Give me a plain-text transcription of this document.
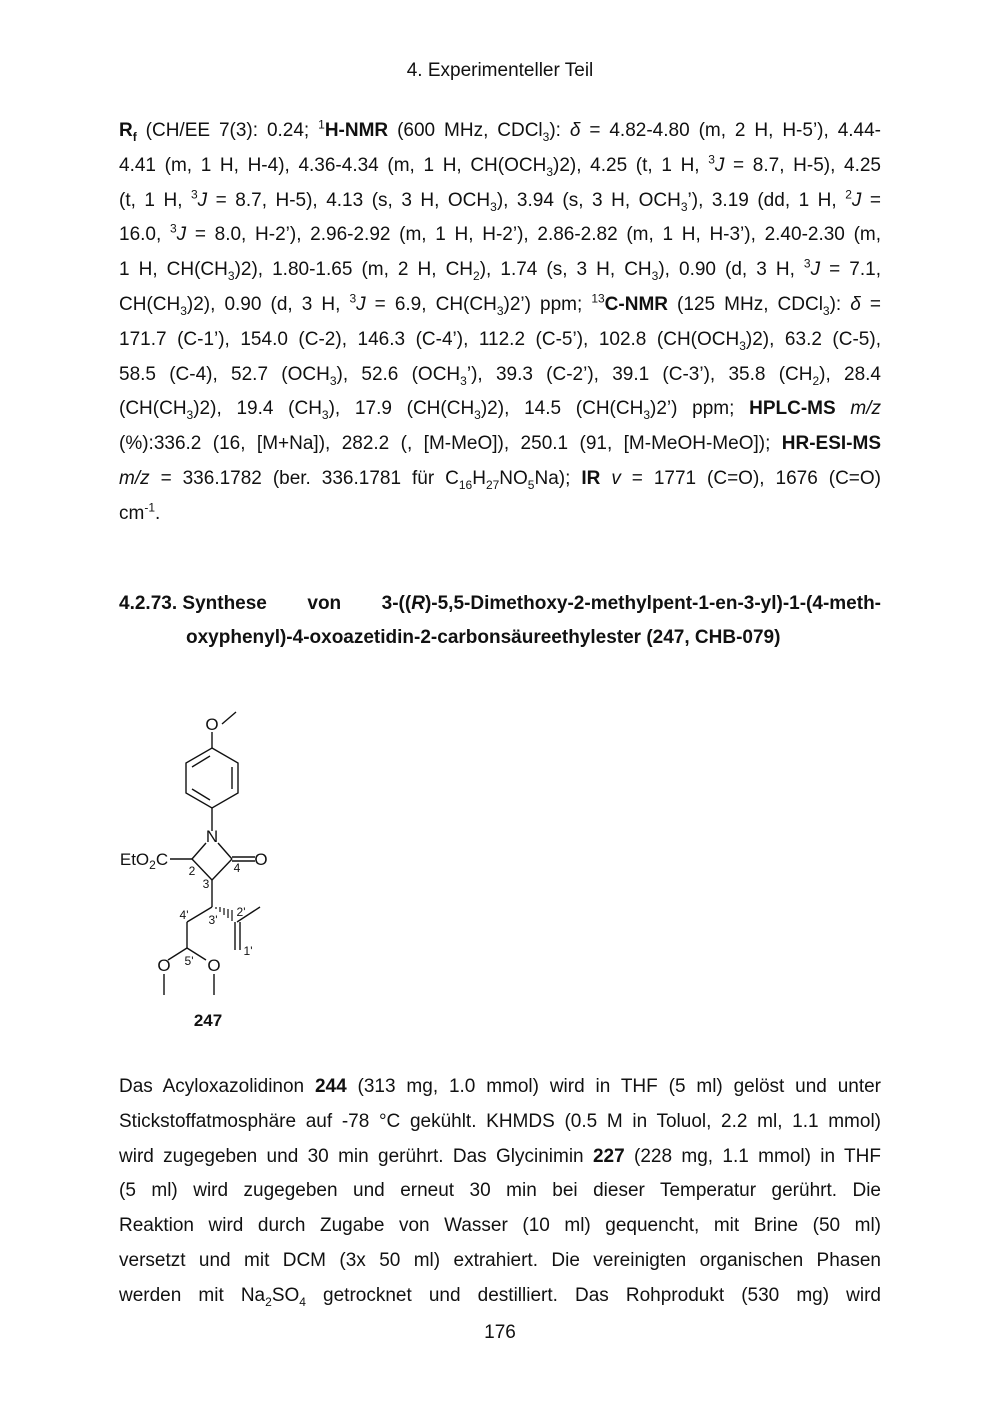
4. Experimenteller Teil
$R_f$ (CH/EE 7(3): 0.24; $^1$H-NMR (600 MHz, CDCl$_3$): δ = 4.82-4.80 (m, 2 H, H-5’), 4.44-
4.41 (m, 1 H, H-4), 4.36-4.34 (m, 1 H, $CH(OCH_3)2$), 4.25 (t, 1 H, $^3$J = 8.7, H-5), 4.25
(t, 1 H, $^3$J = 8.7, H-5), 4.13 (s, 3 H, $OCH_3$), 3.94 (s, 3 H, $OCH_3$’), 3.19 (dd, 1 H, $^2$J =
16.0, $^3$J = 8.0, H-2’), 2.96-2.92 (m, 1 H, H-2’), 2.86-2.82 (m, 1 H, H-3’), 2.40-2.30 (m,
1 H, $CH(CH_3)2$), 1.80-1.65 (m, 2 H, $CH_2$), 1.74 (s, 3 H, $CH_3$), 0.90 (d, 3 H, $^3$J = 7.1,
$CH(CH_3)2$), 0.90 (d, 3 H, $^3$J = 6.9, $CH(CH_3)2$’) ppm; $^{13}$C-NMR (125 MHz, CDCl$_3$): δ =
171.7 (C-1’), 154.0 (C-2), 146.3 (C-4’), 112.2 (C-5’), 102.8 $(CH(OCH_3)2)$, 63.2 (C-5),
58.5 (C-4), 52.7 $(OCH_3)$, 52.6 $(OCH_3’)$, 39.3 (C-2’), 39.1 (C-3’), 35.8 $(CH_2)$, 28.4
$(CH(CH_3)2)$, 19.4 $(CH_3)$, 17.9 $(CH(CH_3)2)$, 14.5 $(CH(CH_3)2’)$ ppm; HPLC-MS m/z
(%):336.2 (16, [M+Na]), 282.2 (, [M-MeO]), 250.1 (91, [M-MeOH-MeO]); HR-ESI-MS
m/z = 336.1782 (ber. 336.1781 für $C_{16}H_{27}NO_5Na$); IR v = 1771 (C=O), 1676 (C=O)
$cm^{-1}$.
4.2.73. Synthese von 3-((R)-5,5-Dimethoxy-2-methylpent-1-en-3-yl)-1-(4-meth-
oxyphenyl)-4-oxoazetidin-2-carbonsäureethylester (247, CHB-079)
O
N
O
O O
EtO$_2$C
2
3
4
4' 3'
2'
1'
5'
247
Das Acyloxazolidinon 244 (313 mg, 1.0 mmol) wird in THF (5 ml) gelöst und unter
Stickstoffatmosphäre auf -78 °C gekühlt. KHMDS (0.5 M in Toluol, 2.2 ml, 1.1 mmol)
wird zugegeben und 30 min gerührt. Das Glycinimin 227 (228 mg, 1.1 mmol) in THF
(5 ml) wird zugegeben und erneut 30 min bei dieser Temperatur gerührt. Die
Reaktion wird durch Zugabe von Wasser (10 ml) gequencht, mit Brine (50 ml)
versetzt und mit DCM (3x 50 ml) extrahiert. Die vereinigten organischen Phasen
werden mit $Na_2SO_4$ getrocknet und destilliert. Das Rohprodukt (530 mg) wird
176
